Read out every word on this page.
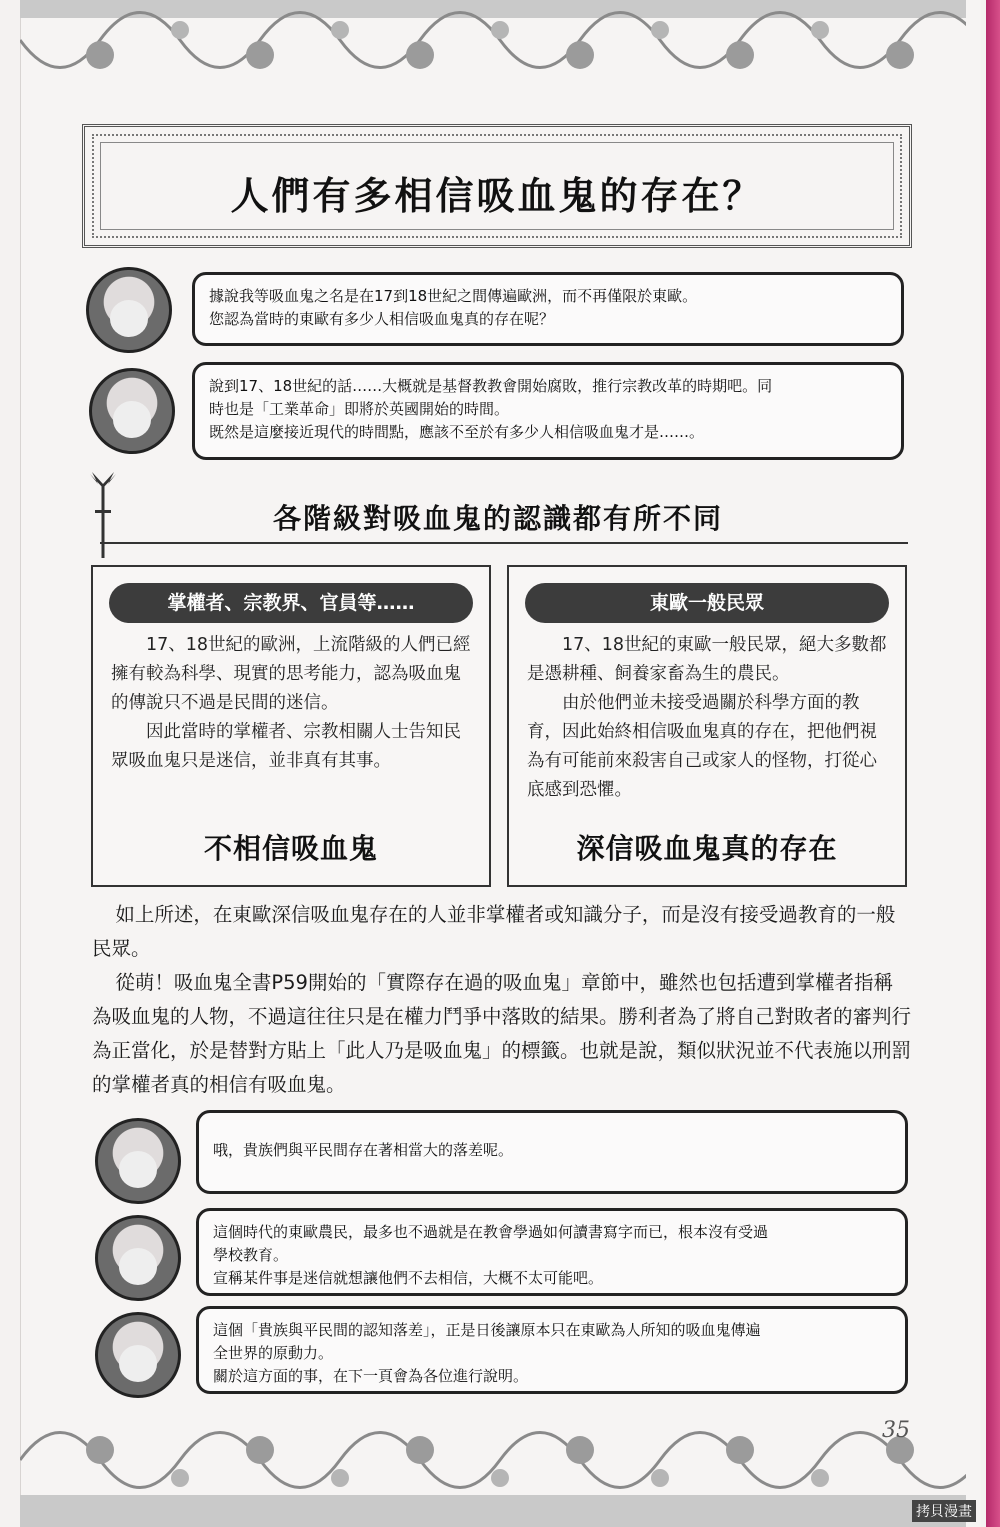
人們有多相信吸血鬼的存在？

據說我等吸血鬼之名是在17到18世紀之間傳遍歐洲，而不再僅限於東歐。

您認為當時的東歐有多少人相信吸血鬼真的存在呢？

說到17、18世紀的話……大概就是基督教教會開始腐敗，推行宗教改革的時期吧。同

時也是「工業革命」即將於英國開始的時間。

既然是這麼接近現代的時間點，應該不至於有多少人相信吸血鬼才是……。

各階級對吸血鬼的認識都有所不同
掌權者、宗教界、官員等……

17、18世紀的歐洲，上流階級的人們已經擁有較為科學、現實的思考能力，認為吸血鬼的傳說只不過是民間的迷信。

因此當時的掌權者、宗教相關人士告知民眾吸血鬼只是迷信，並非真有其事。

不相信吸血鬼
東歐一般民眾

17、18世紀的東歐一般民眾，絕大多數都是憑耕種、飼養家畜為生的農民。

由於他們並未接受過關於科學方面的教育，因此始終相信吸血鬼真的存在，把他們視為有可能前來殺害自己或家人的怪物，打從心底感到恐懼。

深信吸血鬼真的存在

如上所述，在東歐深信吸血鬼存在的人並非掌權者或知識分子，而是沒有接受過教育的一般民眾。

從萌！吸血鬼全書P59開始的「實際存在過的吸血鬼」章節中，雖然也包括遭到掌權者指稱為吸血鬼的人物，不過這往往只是在權力鬥爭中落敗的結果。勝利者為了將自己對敗者的審判行為正當化，於是替對方貼上「此人乃是吸血鬼」的標籤。也就是說，類似狀況並不代表施以刑罰的掌權者真的相信有吸血鬼。

哦，貴族們與平民間存在著相當大的落差呢。

這個時代的東歐農民，最多也不過就是在教會學過如何讀書寫字而已，根本沒有受過

學校教育。

宣稱某件事是迷信就想讓他們不去相信，大概不太可能吧。

這個「貴族與平民間的認知落差」，正是日後讓原本只在東歐為人所知的吸血鬼傳遍

全世界的原動力。

關於這方面的事，在下一頁會為各位進行說明。

35
拷貝漫畫
